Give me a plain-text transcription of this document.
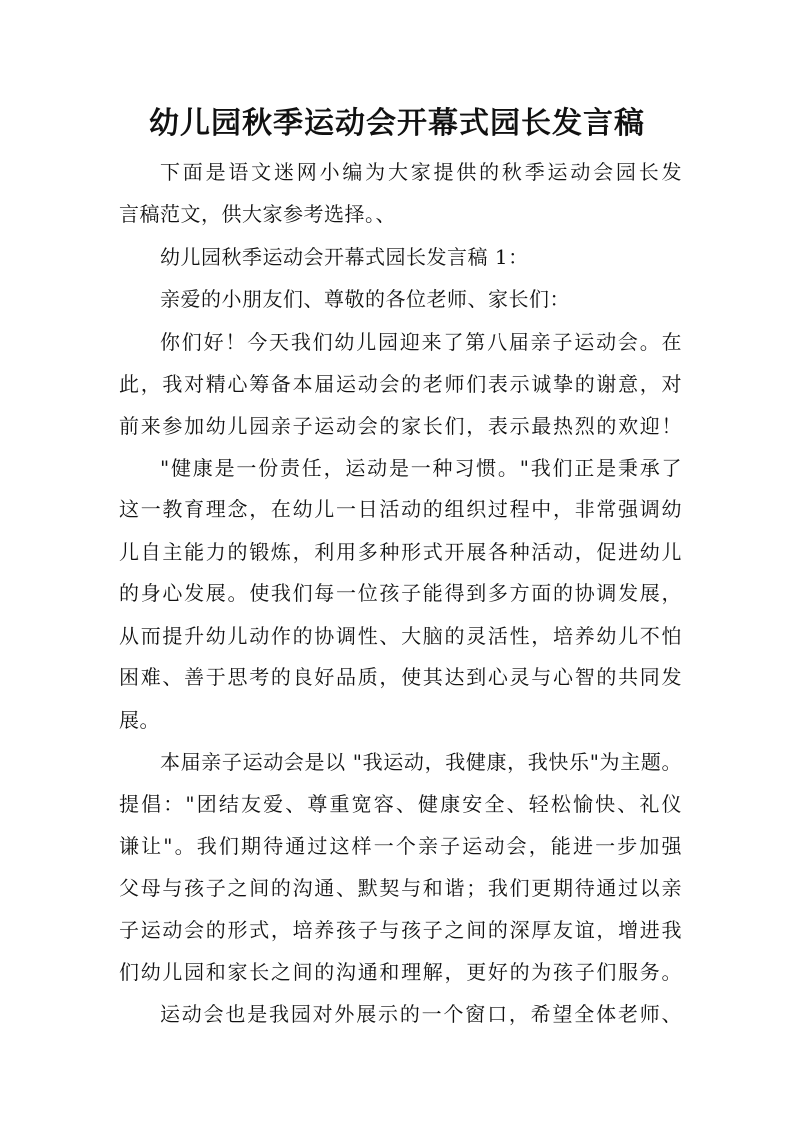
幼儿园秋季运动会开幕式园长发言稿
下面是语文迷网小编为大家提供的秋季运动会园长发
言稿范文，供大家参考选择。、
幼儿园秋季运动会开幕式园长发言稿 1：
亲爱的小朋友们、尊敬的各位老师、家长们：
你们好！今天我们幼儿园迎来了第八届亲子运动会。在
此，我对精心筹备本届运动会的老师们表示诚挚的谢意，对
前来参加幼儿园亲子运动会的家长们，表示最热烈的欢迎！
"健康是一份责任，运动是一种习惯。"我们正是秉承了
这一教育理念，在幼儿一日活动的组织过程中，非常强调幼
儿自主能力的锻炼，利用多种形式开展各种活动，促进幼儿
的身心发展。使我们每一位孩子能得到多方面的协调发展，
从而提升幼儿动作的协调性、大脑的灵活性，培养幼儿不怕
困难、善于思考的良好品质，使其达到心灵与心智的共同发
展。
本届亲子运动会是以 "我运动，我健康，我快乐"为主题。
提倡："团结友爱、尊重宽容、健康安全、轻松愉快、礼仪
谦让"。我们期待通过这样一个亲子运动会，能进一步加强
父母与孩子之间的沟通、默契与和谐；我们更期待通过以亲
子运动会的形式，培养孩子与孩子之间的深厚友谊，增进我
们幼儿园和家长之间的沟通和理解，更好的为孩子们服务。
运动会也是我园对外展示的一个窗口，希望全体老师、
